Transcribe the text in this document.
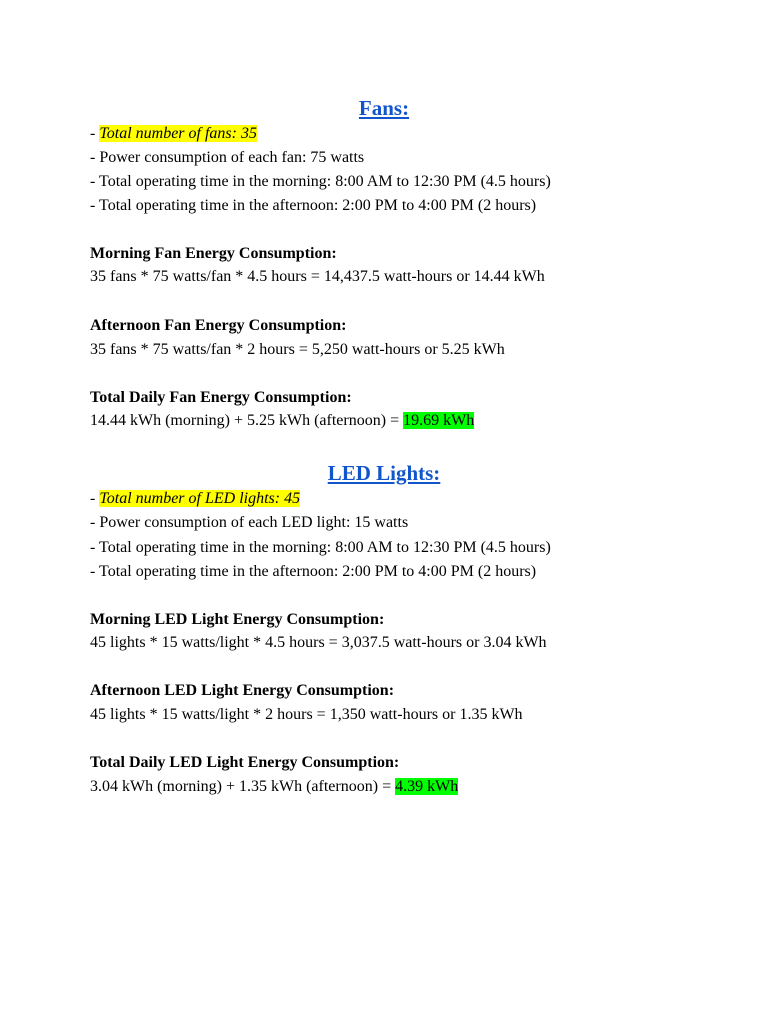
Fans:
- Total number of fans: 35
- Power consumption of each fan: 75 watts
- Total operating time in the morning: 8:00 AM to 12:30 PM (4.5 hours)
- Total operating time in the afternoon: 2:00 PM to 4:00 PM (2 hours)
Morning Fan Energy Consumption:
35 fans * 75 watts/fan * 4.5 hours = 14,437.5 watt-hours or 14.44 kWh
Afternoon Fan Energy Consumption:
35 fans * 75 watts/fan * 2 hours = 5,250 watt-hours or 5.25 kWh
Total Daily Fan Energy Consumption:
14.44 kWh (morning) + 5.25 kWh (afternoon) = 19.69 kWh
LED Lights:
- Total number of LED lights: 45
- Power consumption of each LED light: 15 watts
- Total operating time in the morning: 8:00 AM to 12:30 PM (4.5 hours)
- Total operating time in the afternoon: 2:00 PM to 4:00 PM (2 hours)
Morning LED Light Energy Consumption:
45 lights * 15 watts/light * 4.5 hours = 3,037.5 watt-hours or 3.04 kWh
Afternoon LED Light Energy Consumption:
45 lights * 15 watts/light * 2 hours = 1,350 watt-hours or 1.35 kWh
Total Daily LED Light Energy Consumption:
3.04 kWh (morning) + 1.35 kWh (afternoon) = 4.39 kWh
